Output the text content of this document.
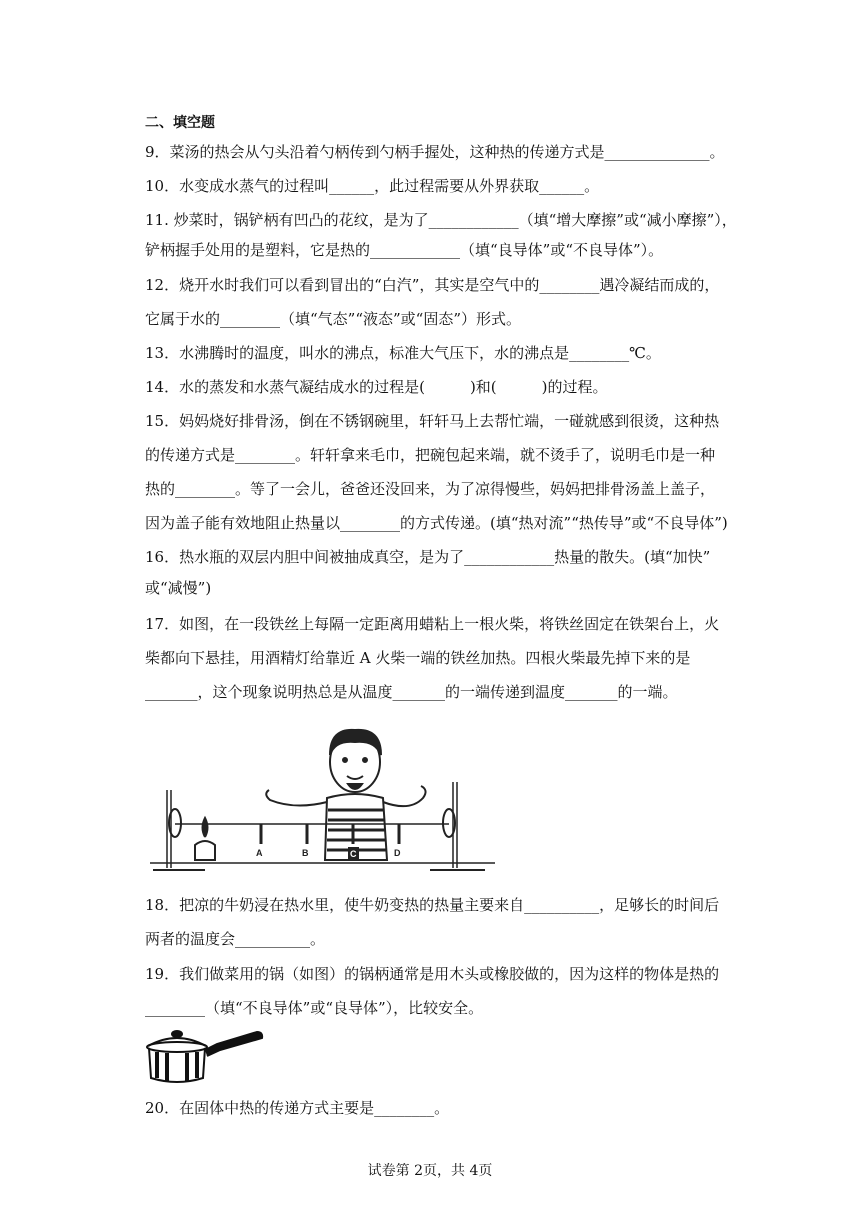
二、填空题
9．菜汤的热会从勺头沿着勺柄传到勺柄手握处，这种热的传递方式是______________。
10．水变成水蒸气的过程叫______，此过程需要从外界获取______。
11. 炒菜时，锅铲柄有凹凸的花纹，是为了____________（填“增大摩擦”或“减小摩擦”），
铲柄握手处用的是塑料，它是热的____________（填“良导体”或“不良导体”）。
12．烧开水时我们可以看到冒出的“白汽”，其实是空气中的________遇冷凝结而成的，
它属于水的________（填“气态”“液态”或“固态”）形式。
13．水沸腾时的温度，叫水的沸点，标准大气压下，水的沸点是________℃。
14．水的蒸发和水蒸气凝结成水的过程是(　　　)和(　　　)的过程。
15．妈妈烧好排骨汤，倒在不锈钢碗里，轩轩马上去帮忙端，一碰就感到很烫，这种热
的传递方式是________。轩轩拿来毛巾，把碗包起来端，就不烫手了，说明毛巾是一种
热的________。等了一会儿，爸爸还没回来，为了凉得慢些，妈妈把排骨汤盖上盖子，
因为盖子能有效地阻止热量以________的方式传递。(填“热对流”“热传导”或“不良导体”)
16．热水瓶的双层内胆中间被抽成真空，是为了____________热量的散失。(填“加快”
或“减慢”)
17．如图，在一段铁丝上每隔一定距离用蜡粘上一根火柴，将铁丝固定在铁架台上，火
柴都向下悬挂，用酒精灯给靠近 A 火柴一端的铁丝加热。四根火柴最先掉下来的是
_______，这个现象说明热总是从温度_______的一端传递到温度_______的一端。
A	B	C	D
18．把凉的牛奶浸在热水里，使牛奶变热的热量主要来自__________，足够长的时间后
两者的温度会__________。
19．我们做菜用的锅（如图）的锅柄通常是用木头或橡胶做的，因为这样的物体是热的
________（填“不良导体”或“良导体”），比较安全。
20．在固体中热的传递方式主要是________。
试卷第 2页，共 4页
